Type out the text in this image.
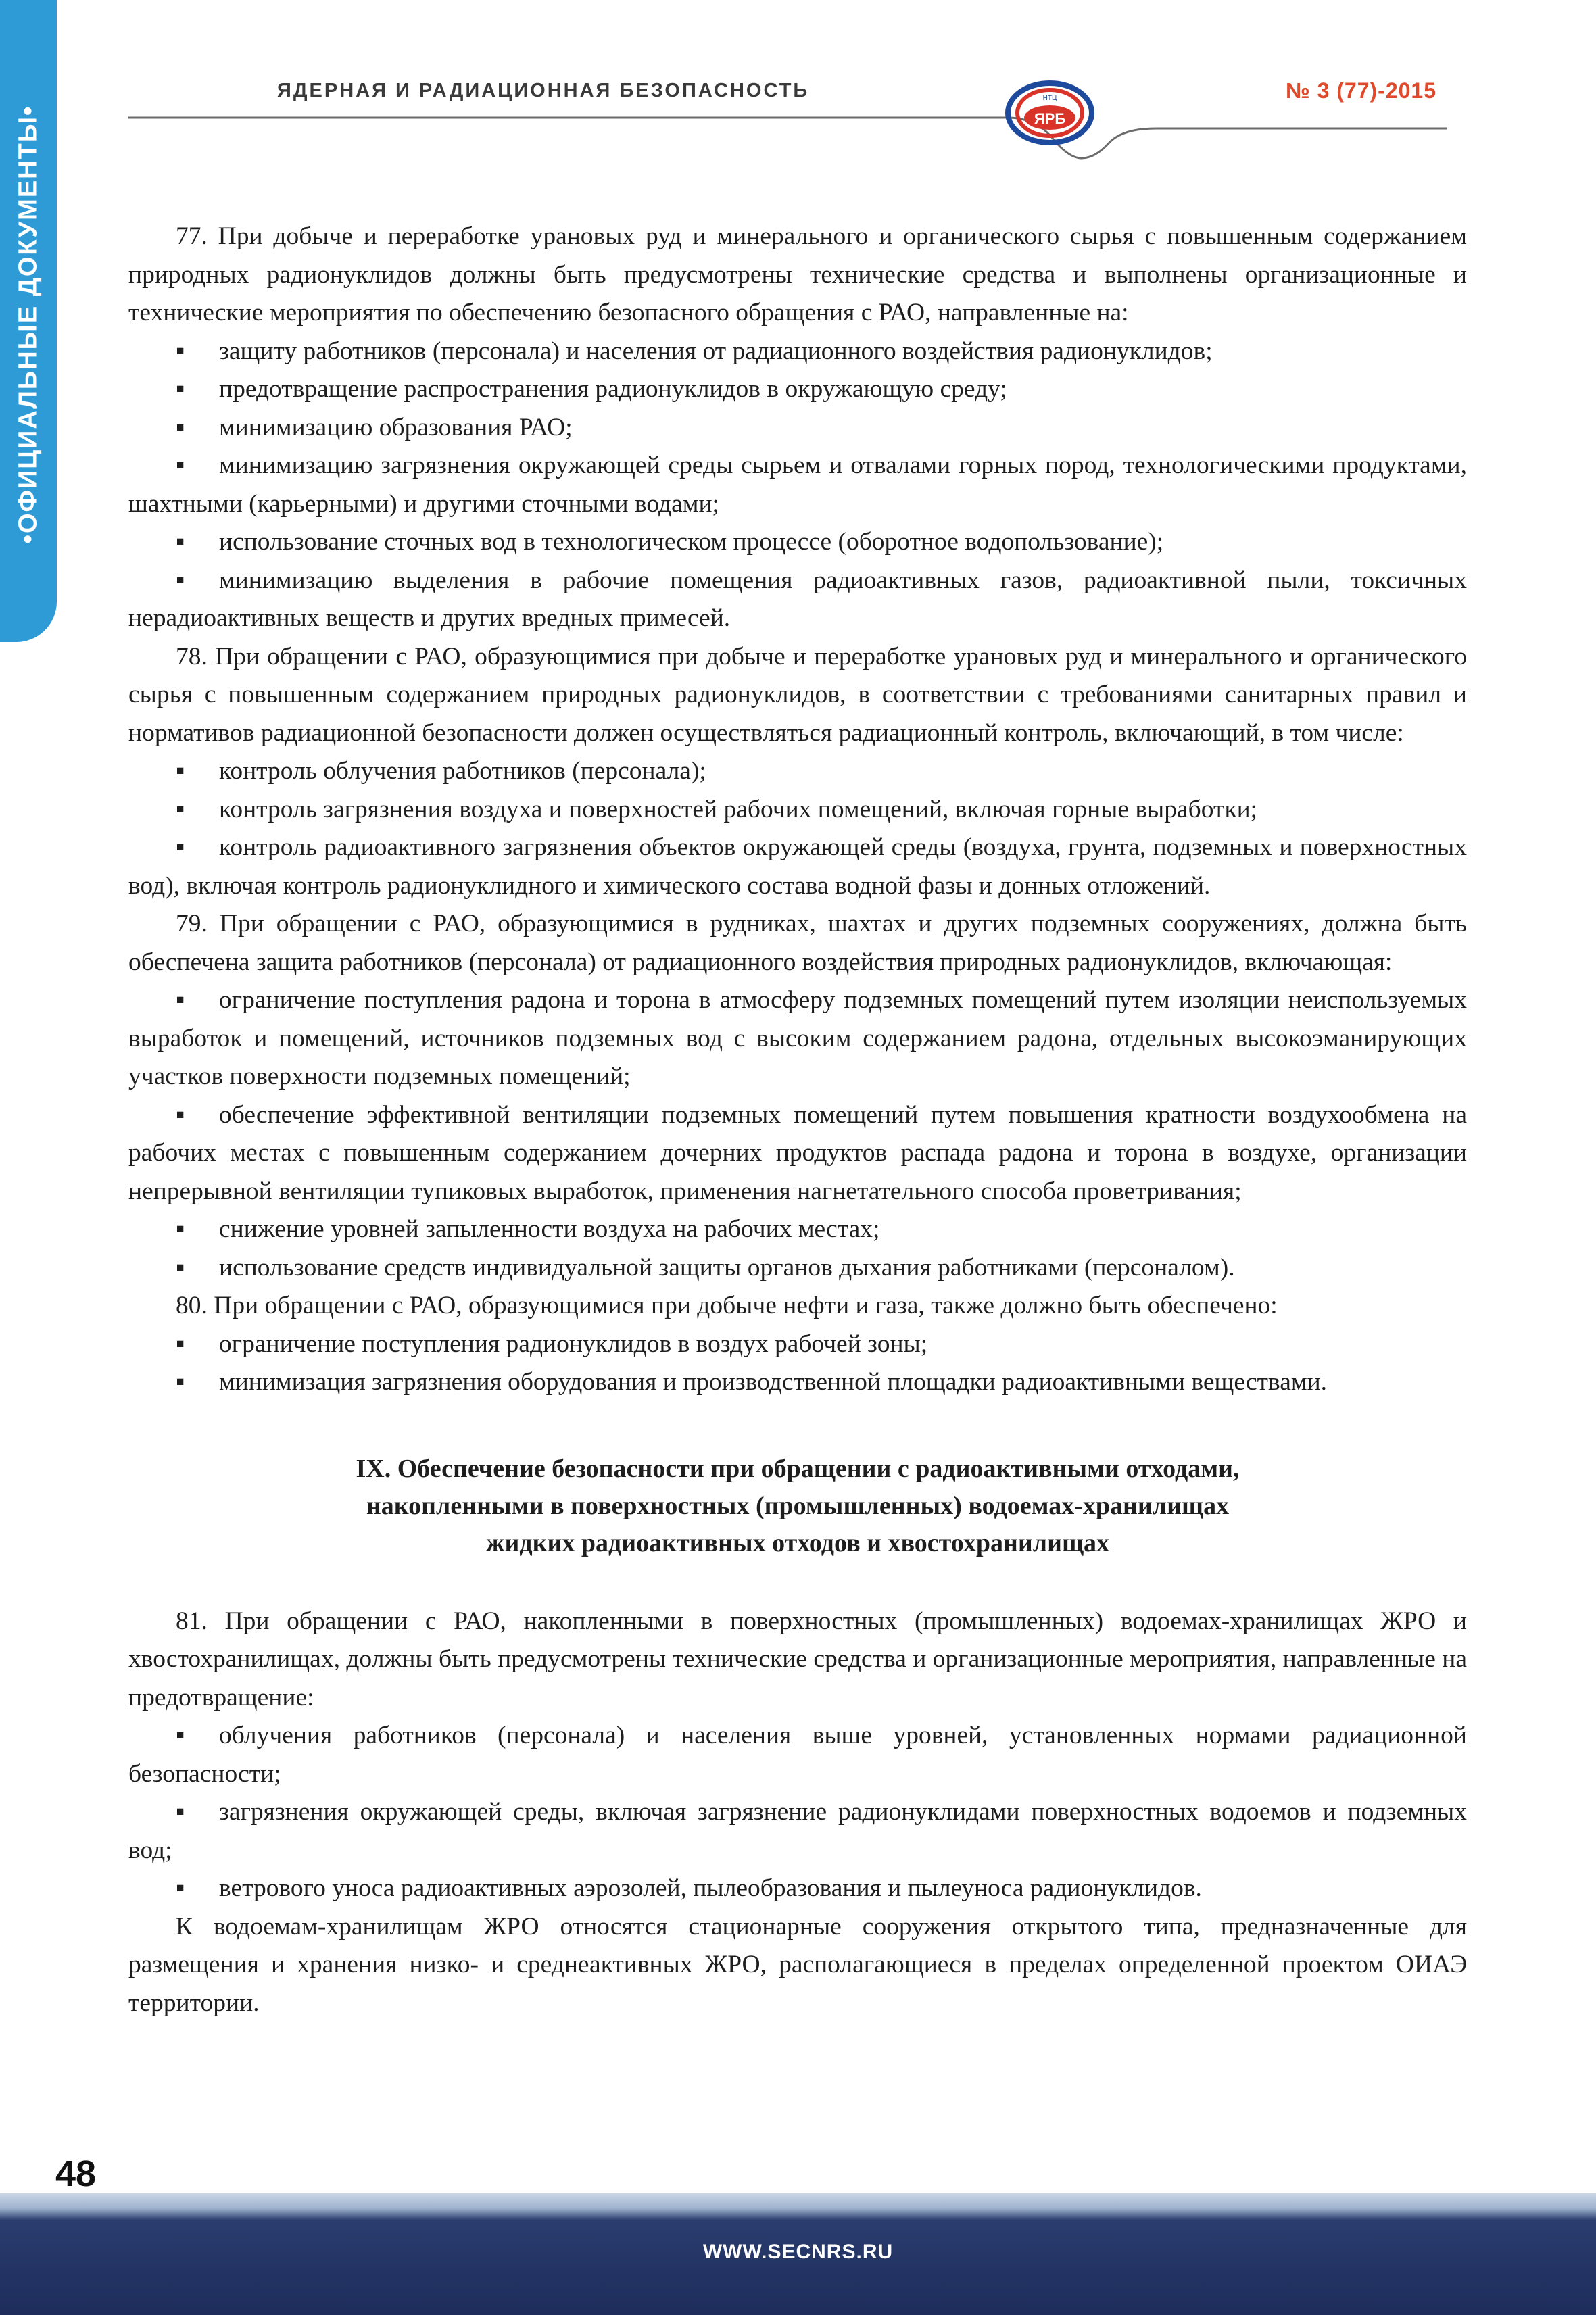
•ОФИЦИАЛЬНЫЕ ДОКУМЕНТЫ•
ЯДЕРНАЯ И РАДИАЦИОННАЯ БЕЗОПАСНОСТЬ	№ 3 (77)-2015
ЯРБ
НТЦ

77. При добыче и переработке урановых руд и минерального и органического сырья с повышенным содержанием природных радионуклидов должны быть предусмотрены технические средства и выполнены организационные и технические мероприятия по обеспечению безопасного обращения с РАО, направленные на:

▪ защиту работников (персонала) и населения от радиационного воздействия радионуклидов;

▪ предотвращение распространения радионуклидов в окружающую среду;

▪ минимизацию образования РАО;

▪ минимизацию загрязнения окружающей среды сырьем и отвалами горных пород, технологическими продуктами, шахтными (карьерными) и другими сточными водами;

▪ использование сточных вод в технологическом процессе (оборотное водопользование);

▪ минимизацию выделения в рабочие помещения радиоактивных газов, радиоактивной пыли, токсичных нерадиоактивных веществ и других вредных примесей.

78. При обращении с РАО, образующимися при добыче и переработке урановых руд и минерального и органического сырья с повышенным содержанием природных радионуклидов, в соответствии с требованиями санитарных правил и нормативов радиационной безопасности должен осуществляться радиационный контроль, включающий, в том числе:

▪ контроль облучения работников (персонала);

▪ контроль загрязнения воздуха и поверхностей рабочих помещений, включая горные выработки;

▪ контроль радиоактивного загрязнения объектов окружающей среды (воздуха, грунта, подземных и поверхностных вод), включая контроль радионуклидного и химического состава водной фазы и донных отложений.

79. При обращении с РАО, образующимися в рудниках, шахтах и других подземных сооружениях, должна быть обеспечена защита работников (персонала) от радиационного воздействия природных радионуклидов, включающая:

▪ ограничение поступления радона и торона в атмосферу подземных помещений путем изоляции неиспользуемых выработок и помещений, источников подземных вод с высоким содержанием радона, отдельных высокоэманирующих участков поверхности подземных помещений;

▪ обеспечение эффективной вентиляции подземных помещений путем повышения кратности воздухообмена на рабочих местах с повышенным содержанием дочерних продуктов распада радона и торона в воздухе, организации непрерывной вентиляции тупиковых выработок, применения нагнетательного способа проветривания;

▪ снижение уровней запыленности воздуха на рабочих местах;

▪ использование средств индивидуальной защиты органов дыхания работниками (персоналом).

80. При обращении с РАО, образующимися при добыче нефти и газа, также должно быть обеспечено:

▪ ограничение поступления радионуклидов в воздух рабочей зоны;

▪ минимизация загрязнения оборудования и производственной площадки радиоактивными веществами.

IX. Обеспечение безопасности при обращении с радиоактивными отходами,
накопленными в поверхностных (промышленных) водоемах-хранилищах
жидких радиоактивных отходов и хвостохранилищах

81. При обращении с РАО, накопленными в поверхностных (промышленных) водоемах-хранилищах ЖРО и хвостохранилищах, должны быть предусмотрены технические средства и организационные мероприятия, направленные на предотвращение:

▪ облучения работников (персонала) и населения выше уровней, установленных нормами радиационной безопасности;

▪ загрязнения окружающей среды, включая загрязнение радионуклидами поверхностных водоемов и подземных вод;

▪ ветрового уноса радиоактивных аэрозолей, пылеобразования и пылеуноса радионуклидов.

К водоемам-хранилищам ЖРО относятся стационарные сооружения открытого типа, предназначенные для размещения и хранения низко- и среднеактивных ЖРО, располагающиеся в пределах определенной проектом ОИАЭ территории.

48
WWW.SECNRS.RU
